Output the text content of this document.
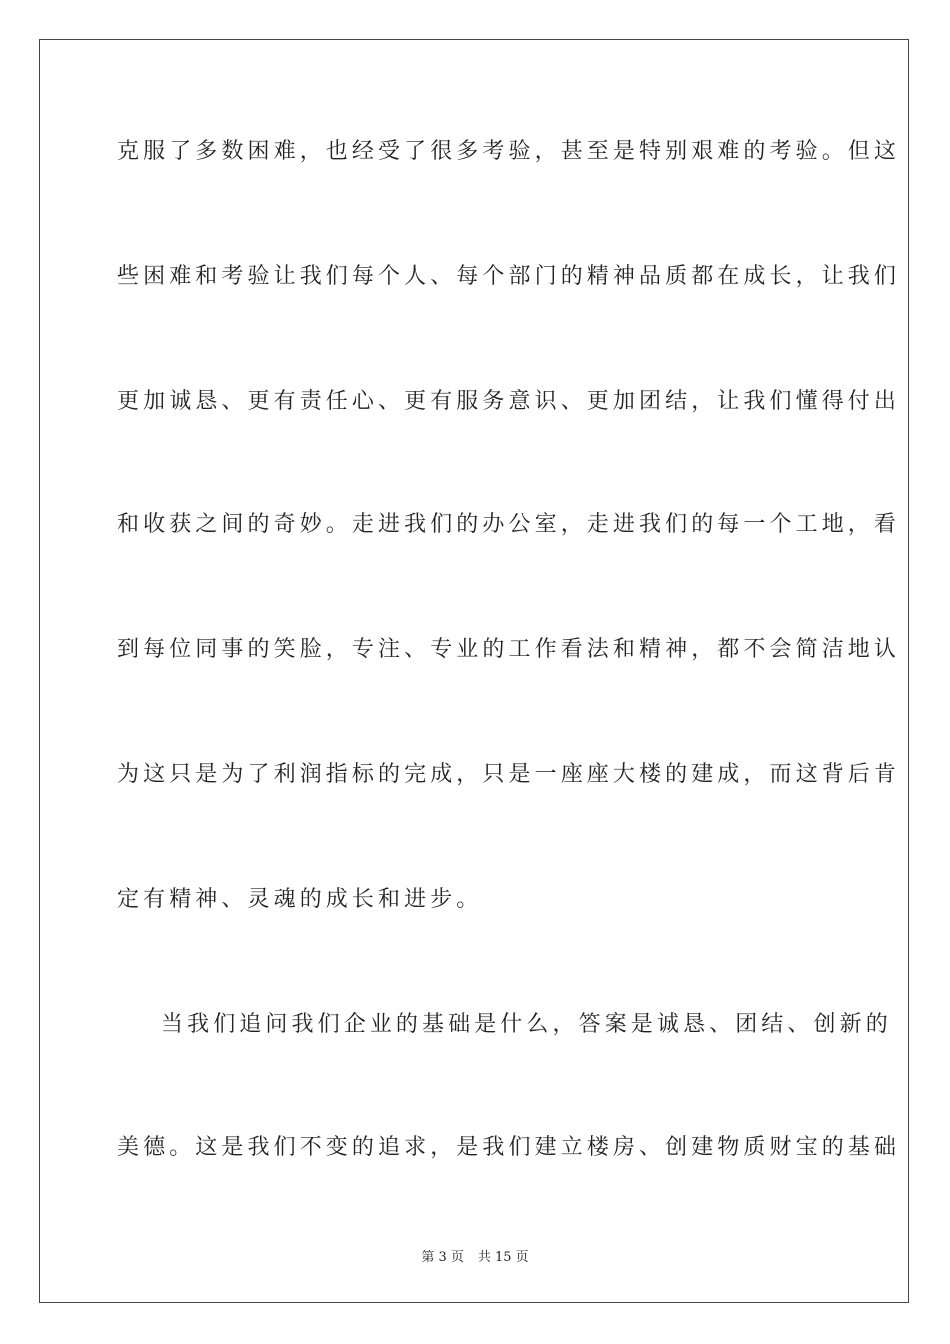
克服了多数困难，也经受了很多考验，甚至是特别艰难的考验。但这
些困难和考验让我们每个人、每个部门的精神品质都在成长，让我们
更加诚恳、更有责任心、更有服务意识、更加团结，让我们懂得付出
和收获之间的奇妙。走进我们的办公室，走进我们的每一个工地，看
到每位同事的笑脸，专注、专业的工作看法和精神，都不会简洁地认
为这只是为了利润指标的完成，只是一座座大楼的建成，而这背后肯
定有精神、灵魂的成长和进步。
当我们追问我们企业的基础是什么，答案是诚恳、团结、创新的
美德。这是我们不变的追求，是我们建立楼房、创建物质财宝的基础
第 3 页 共 15 页
